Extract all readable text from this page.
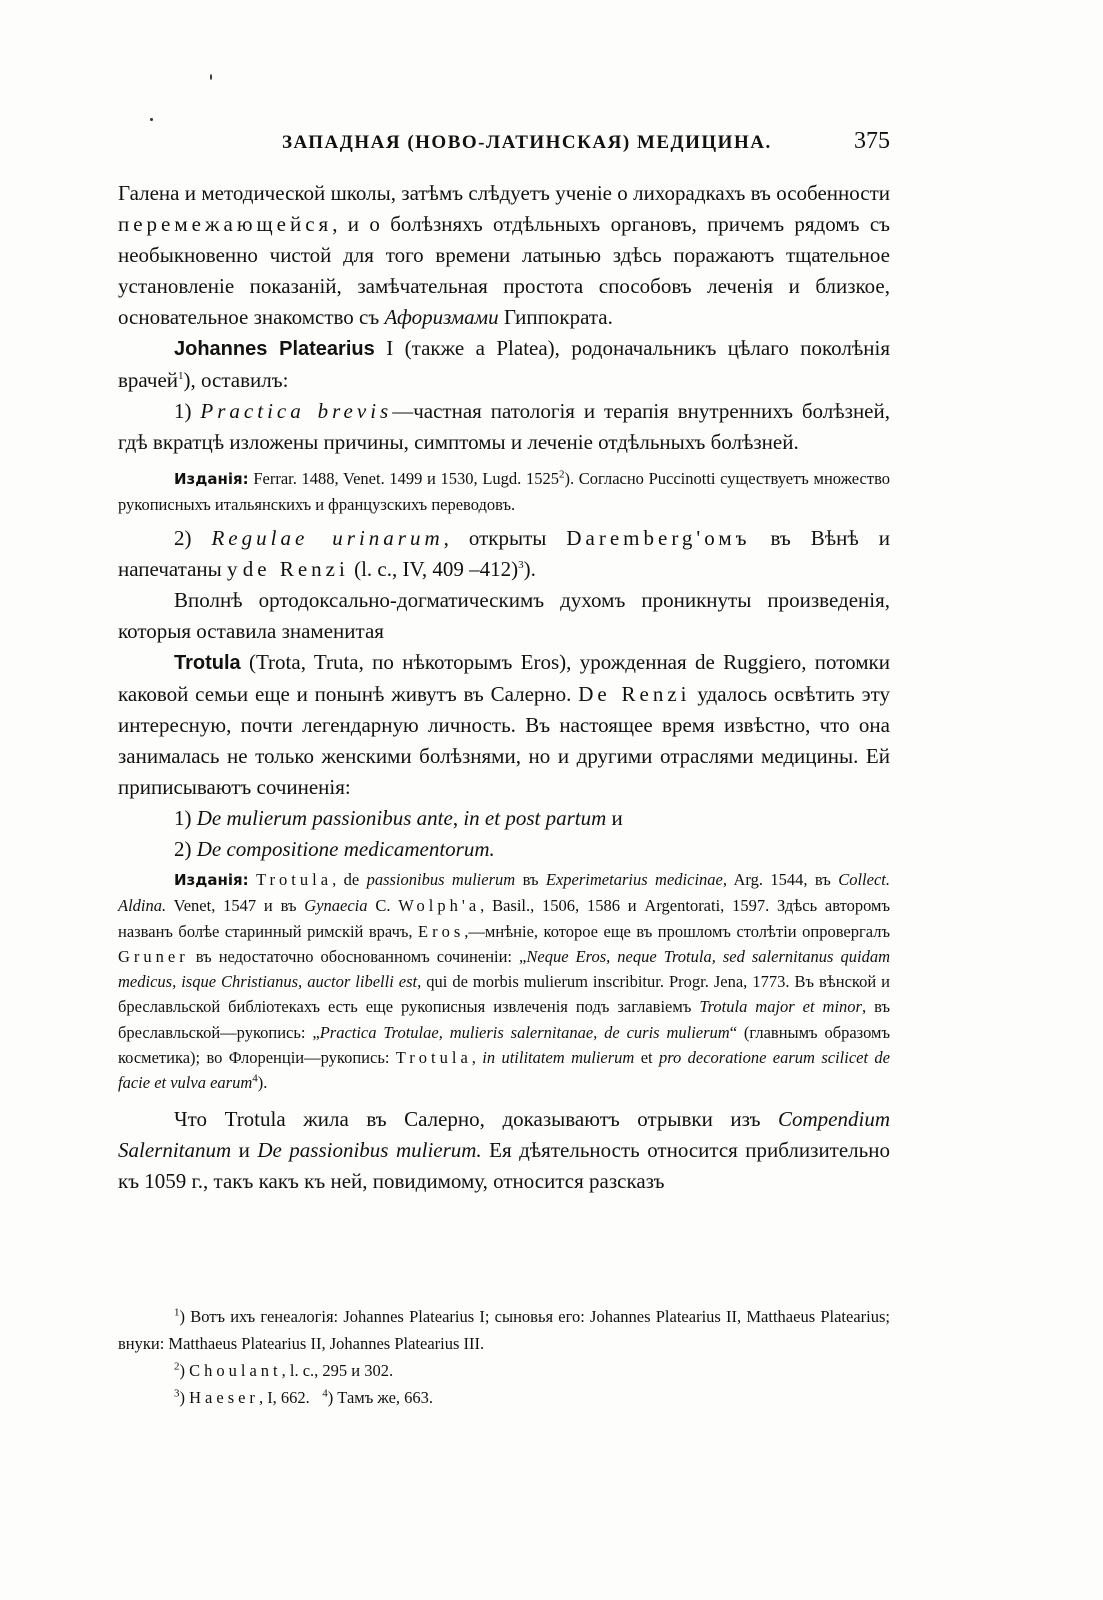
ЗАПАДНАЯ (НОВО-ЛАТИНСКАЯ) МЕДИЦИНА.	375

Галена и методической школы, затѣмъ слѣдуетъ ученіе о лихорадкахъ въ особенности перемежающейся, и о болѣзняхъ отдѣльныхъ органовъ, причемъ рядомъ съ необыкновенно чистой для того времени латынью здѣсь поражаютъ тщательное установленіе показаній, замѣчательная простота способовъ леченія и близкое, основательное знакомство съ Афоризмами Гиппократа.

Johannes Platearius I (также а Platea), родоначальникъ цѣлаго поколѣнія врачей$^1$), оставилъ:

1) Practica brevis—частная патологія и терапія внутреннихъ болѣзней, гдѣ вкратцѣ изложены причины, симптомы и леченіе отдѣльныхъ болѣзней.

Изданія: Ferrar. 1488, Venet. 1499 и 1530, Lugd. 1525$^2$). Согласно Puccinotti существуетъ множество рукописныхъ итальянскихъ и французскихъ переводовъ.

2) Regulae urinarum, открыты Daremberg'омъ въ Вѣнѣ и напечатаны у de Renzi (l. c., IV, 409 –412)$^3$).

Вполнѣ ортодоксально-догматическимъ духомъ проникнуты произведенія, которыя оставила знаменитая

Trotula (Trota, Truta, по нѣкоторымъ Eros), урожденная de Ruggiero, потомки каковой семьи еще и понынѣ живутъ въ Салерно. De Renzi удалось освѣтить эту интересную, почти легендарную личность. Въ настоящее время извѣстно, что она занималась не только женскими болѣзнями, но и другими отраслями медицины. Ей приписываютъ сочиненія:

1) De mulierum passionibus ante, in et post partum и

2) De compositione medicamentorum.

Изданія: Trotula, de passionibus mulierum въ Experimetarius medicinae, Arg. 1544, въ Collect. Aldina. Venet, 1547 и въ Gynaecia C. Wolph'a, Basil., 1506, 1586 и Argentorati, 1597. Здѣсь авторомъ названъ болѣе старинный римскій врачъ, Eros,—мнѣніе, которое еще въ прошломъ столѣтіи опровергалъ Gruner въ недостаточно обоснованномъ сочиненіи: „Neque Eros, neque Trotula, sed salernitanus quidam medicus, isque Christianus, auctor libelli est, qui de morbis mulierum inscribitur. Progr. Jena, 1773. Въ вѣнской и бреславльской библіотекахъ есть еще рукописныя извлеченія подъ заглавіемъ Trotula major et minor, въ бреславльской—рукопись: „Practica Trotulae, mulieris salernitanae, de curis mulierum“ (главнымъ образомъ косметика); во Флоренціи—рукопись: Trotula, in utilitatem mulierum et pro decoratione earum scilicet de facie et vulva earum$^4$).

Что Trotula жила въ Салерно, доказываютъ отрывки изъ Compendium Salernitanum и De passionibus mulierum. Ея дѣятельность относится приблизительно къ 1059 г., такъ какъ къ ней, повидимому, относится разсказъ

$^1$) Вотъ ихъ генеалогія: Johannes Platearius I; сыновья его: Johannes Platearius II, Matthaeus Platearius; внуки: Matthaeus Platearius II, Johannes Platearius III.

$^2$) Choulant, l. c., 295 и 302.

$^3$) Haeser, I, 662. $^4$) Тамъ же, 663.
